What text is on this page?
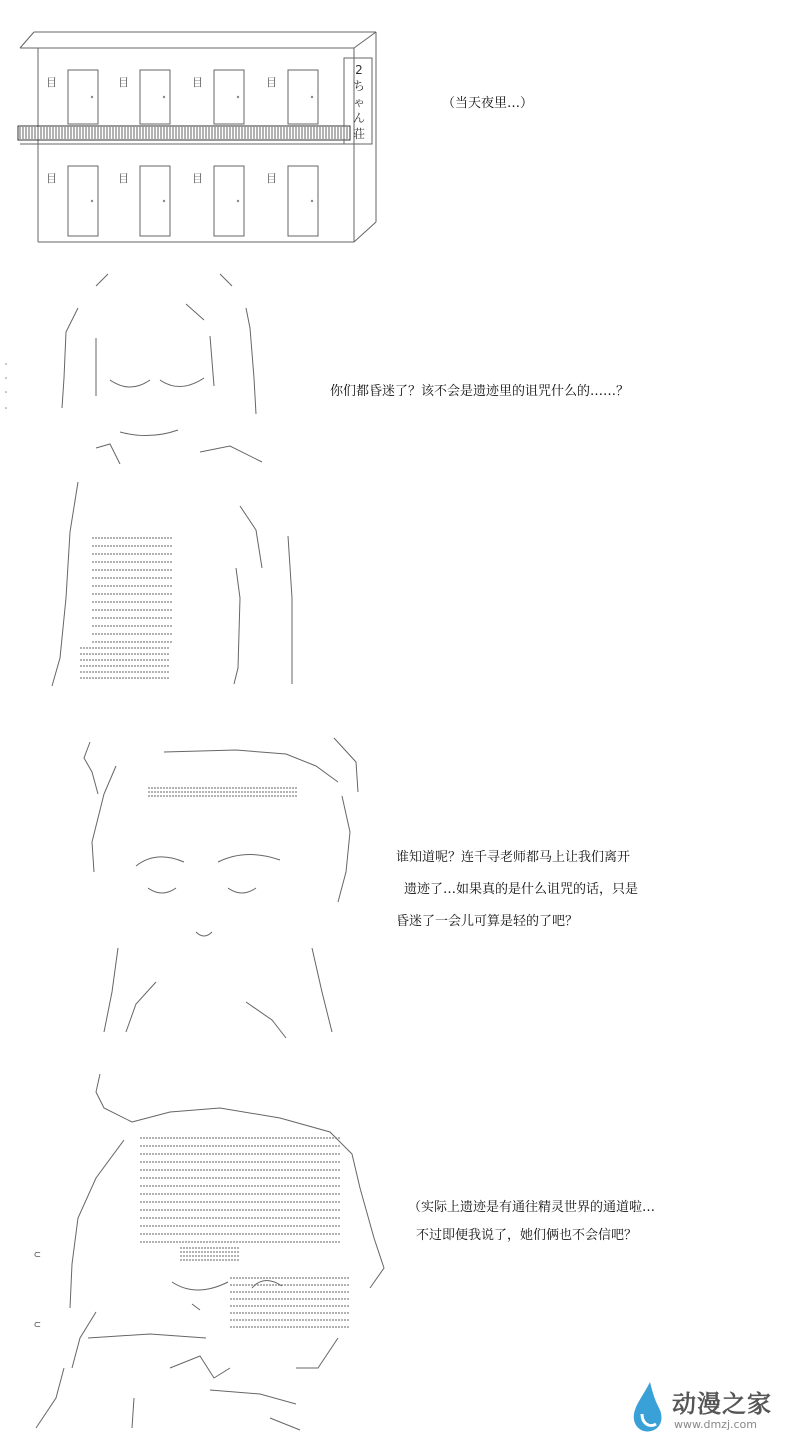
目	目	目	目
目	目	目	目
2
ち
ゃ
ん
荘
（当天夜里…）
你们都昏迷了？该不会是遗迹里的诅咒什么的……？
谁知道呢？连千寻老师都马上让我们离开
遗迹了…如果真的是什么诅咒的话，只是
昏迷了一会儿可算是轻的了吧？
⊂
⊂
（实际上遗迹是有通往精灵世界的通道啦…
不过即便我说了，她们俩也不会信吧？
动漫之家
www.dmzj.com
